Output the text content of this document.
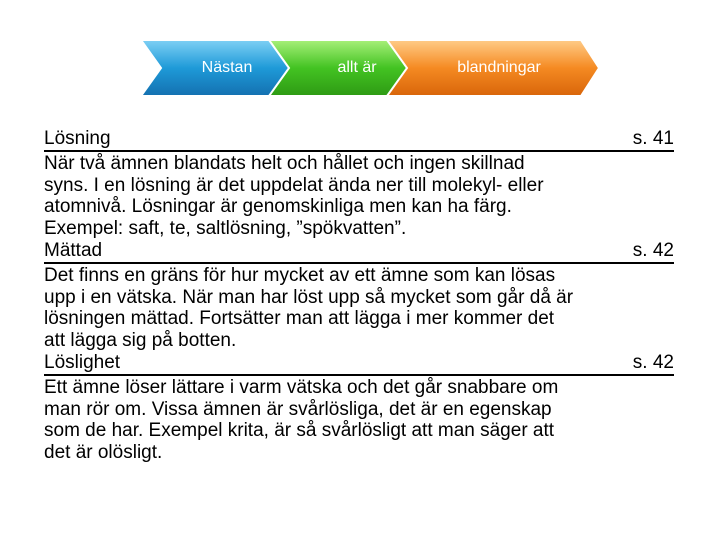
Nästan	allt är	blandningar
Lösning	s. 41
När två ämnen blandats helt och hållet och ingen skillnad
syns. I en lösning är det uppdelat ända ner till molekyl- eller
atomnivå. Lösningar är genomskinliga men kan ha färg.
Exempel: saft, te, saltlösning, ”spökvatten”.
Mättad	s. 42
Det finns en gräns för hur mycket av ett ämne som kan lösas
upp i en vätska. När man har löst upp så mycket som går då är
lösningen mättad. Fortsätter man att lägga i mer kommer det
att lägga sig på botten.
Löslighet	s. 42
Ett ämne löser lättare i varm vätska och det går snabbare om
man rör om. Vissa ämnen är svårlösliga, det är en egenskap
som de har. Exempel krita, är så svårlösligt att man säger att
det är olösligt.
